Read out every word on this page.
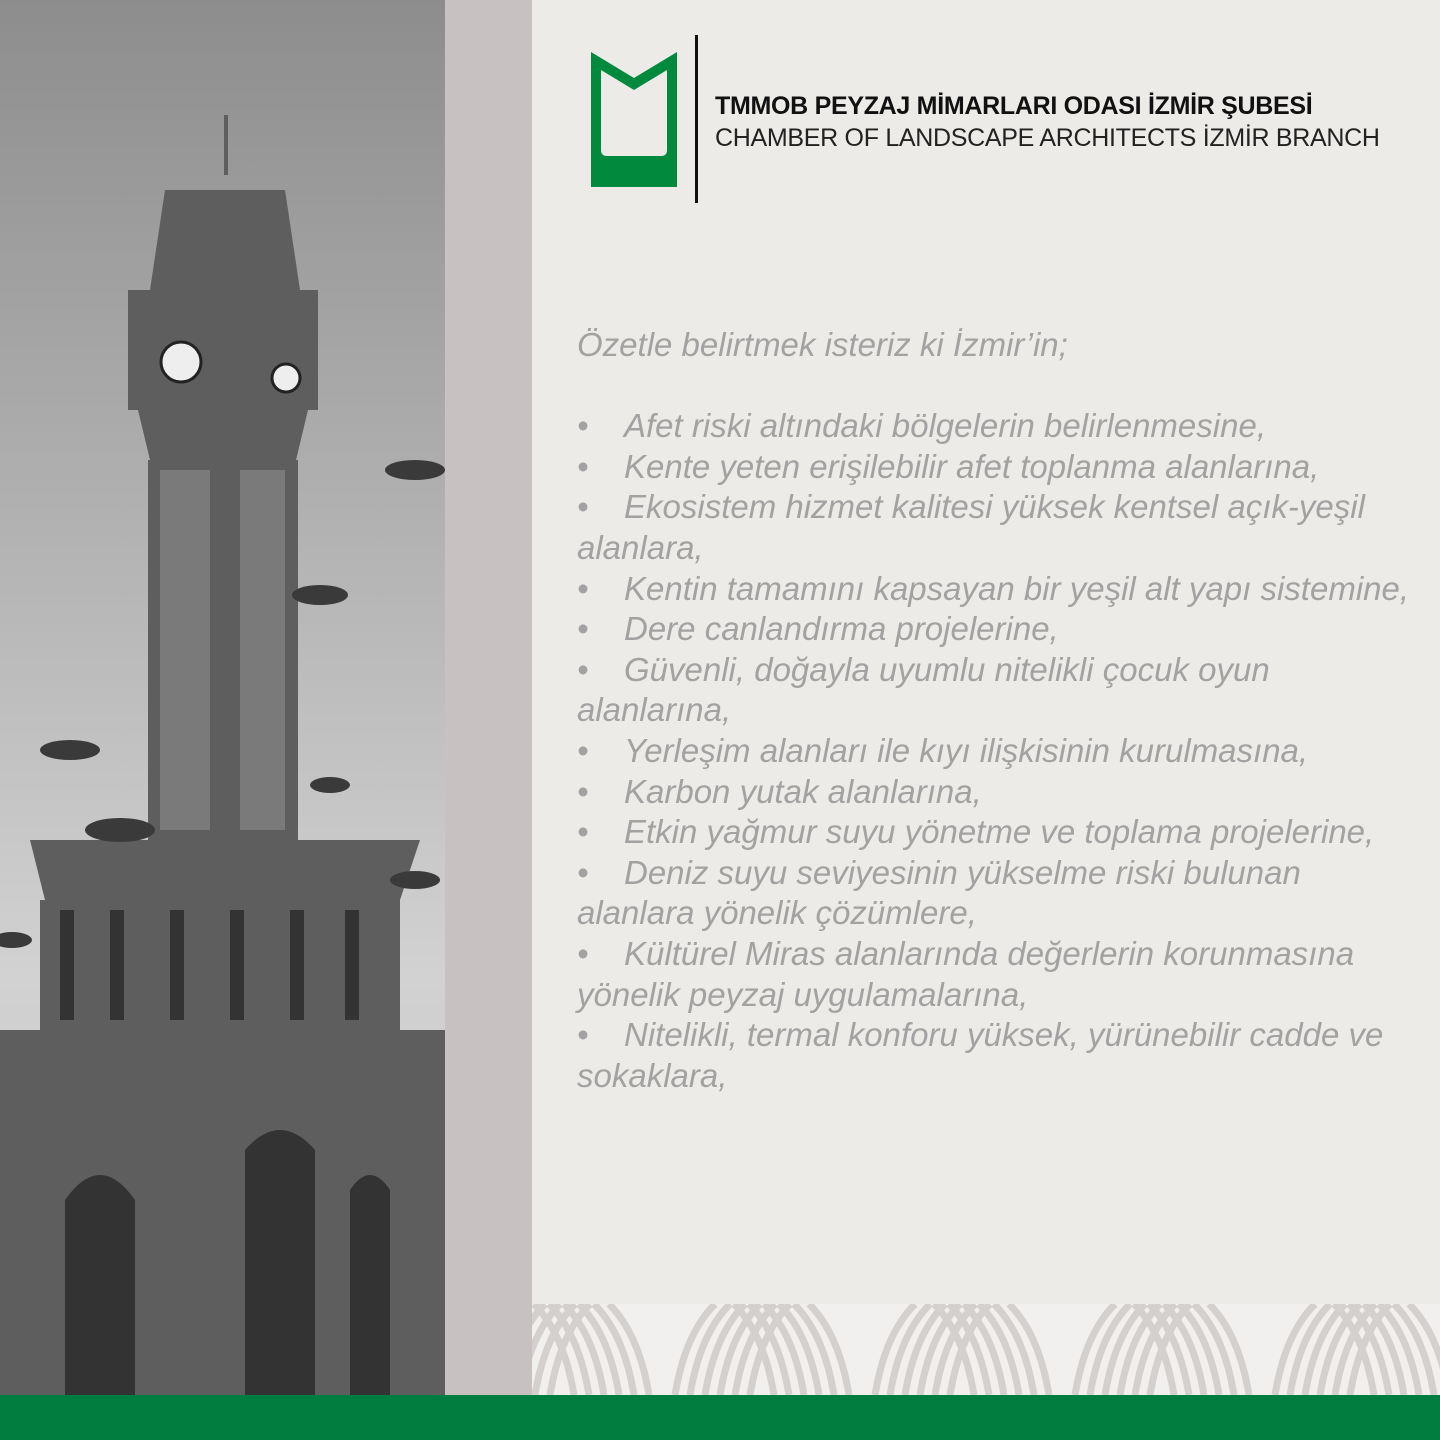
TMMOB PEYZAJ MİMARLARI ODASI İZMİR ŞUBESİ
CHAMBER OF LANDSCAPE ARCHITECTS İZMİR BRANCH
Özetle belirtmek isteriz ki İzmir’in;

• Afet riski altındaki bölgelerin belirlenmesine,

• Kente yeten erişilebilir afet toplanma alanlarına,

• Ekosistem hizmet kalitesi yüksek kentsel açık-yeşil alanlara,

• Kentin tamamını kapsayan bir yeşil alt yapı sistemine,

• Dere canlandırma projelerine,

• Güvenli, doğayla uyumlu nitelikli çocuk oyun alanlarına,

• Yerleşim alanları ile kıyı ilişkisinin kurulmasına,

• Karbon yutak alanlarına,

• Etkin yağmur suyu yönetme ve toplama projelerine,

• Deniz suyu seviyesinin yükselme riski bulunan alanlara yönelik çözümlere,

• Kültürel Miras alanlarında değerlerin korunmasına yönelik peyzaj uygulamalarına,

• Nitelikli, termal konforu yüksek, yürünebilir cadde ve sokaklara,
